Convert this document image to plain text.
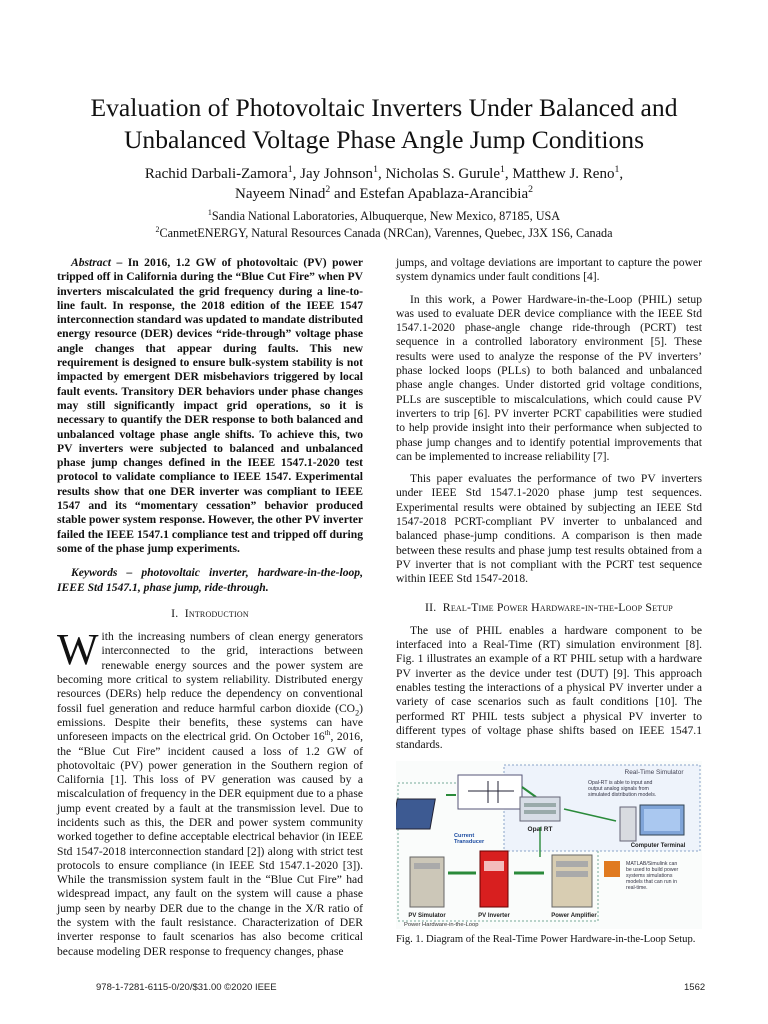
Evaluation of Photovoltaic Inverters Under Balanced and
Unbalanced Voltage Phase Angle Jump Conditions
Rachid Darbali-Zamora$^1$, Jay Johnson$^1$, Nicholas S. Gurule$^1$, Matthew J. Reno$^1$,
Nayeem Ninad$^2$ and Estefan Apablaza-Arancibia$^2$
$^1$Sandia National Laboratories, Albuquerque, New Mexico, 87185, USA
$^2$CanmetENERGY, Natural Resources Canada (NRCan), Varennes, Quebec, J3X 1S6, Canada

Abstract – In 2016, 1.2 GW of photovoltaic (PV) power tripped off in California during the “Blue Cut Fire” when PV inverters miscalculated the grid frequency during a line-to-line fault. In response, the 2018 edition of the IEEE 1547 interconnection standard was updated to mandate distributed energy resource (DER) devices “ride-through” voltage phase angle changes that appear during faults. This new requirement is designed to ensure bulk-system stability is not impacted by emergent DER misbehaviors triggered by local fault events. Transitory DER behaviors under phase changes may still significantly impact grid operations, so it is necessary to quantify the DER response to both balanced and unbalanced voltage phase angle shifts. To achieve this, two PV inverters were subjected to balanced and unbalanced phase jump changes defined in the IEEE 1547.1-2020 test protocol to validate compliance to IEEE 1547. Experimental results show that one DER inverter was compliant to IEEE 1547 and its “momentary cessation” behavior produced stable power system response. However, the other PV inverter failed the IEEE 1547.1 compliance test and tripped off during some of the phase jump experiments.

Keywords – photovoltaic inverter, hardware-in-the-loop, IEEE Std 1547.1, phase jump, ride-through.

I. Introduction

With the increasing numbers of clean energy generators interconnected to the grid, interactions between renewable energy sources and the power system are becoming more critical to system reliability. Distributed energy resources (DERs) help reduce the dependency on conventional fossil fuel generation and reduce harmful carbon dioxide $(CO_2)$ emissions. Despite their benefits, these systems can have unforeseen impacts on the electrical grid. On October 16th, 2016, the “Blue Cut Fire” incident caused a loss of 1.2 GW of photovoltaic (PV) power generation in the Southern region of California [1]. This loss of PV generation was caused by a miscalculation of frequency in the DER equipment due to a phase jump event created by a fault at the transmission level. Due to incidents such as this, the DER and power system community worked together to define acceptable electrical behavior (in IEEE Std 1547-2018 interconnection standard [2]) along with strict test protocols to ensure compliance (in IEEE Std 1547.1-2020 [3]). While the transmission system fault in the “Blue Cut Fire” had widespread impact, any fault on the system will cause a phase jump seen by nearby DER due to the change in the X/R ratio of the system with the fault resistance. Characterization of DER inverter response to fault scenarios has also become critical because modeling DER response to frequency changes, phase

jumps, and voltage deviations are important to capture the power system dynamics under fault conditions [4].

In this work, a Power Hardware-in-the-Loop (PHIL) setup was used to evaluate DER device compliance with the IEEE Std 1547.1-2020 phase-angle change ride-through (PCRT) test sequence in a controlled laboratory environment [5]. These results were used to analyze the response of the PV inverters’ phase locked loops (PLLs) to both balanced and unbalanced phase angle changes. Under distorted grid voltage conditions, PLLs are susceptible to miscalculations, which could cause PV inverters to trip [6]. PV inverter PCRT capabilities were studied to help provide insight into their performance when subjected to phase jump changes and to identify potential improvements that can be implemented to increase reliability [7].

This paper evaluates the performance of two PV inverters under IEEE Std 1547.1-2020 phase jump test sequences. Experimental results were obtained by subjecting an IEEE Std 1547-2018 PCRT-compliant PV inverter to unbalanced and balanced phase-jump conditions. A comparison is then made between these results and phase jump test results obtained from a PV inverter that is not compliant with the PCRT test sequence within IEEE Std 1547-2018.

II. Real-Time Power Hardware-in-the-Loop Setup

The use of PHIL enables a hardware component to be interfaced into a Real-Time (RT) simulation environment [8]. Fig. 1 illustrates an example of a RT PHIL setup with a hardware PV inverter as the device under test (DUT) [9]. This approach enables testing the interactions of a physical PV inverter under a variety of case scenarios such as fault conditions [10]. The performed RT PHIL tests subject a physical PV inverter to different types of voltage phase shifts based on IEEE 1547.1 standards.

Real-Time Simulator
Opal RT
Opal-RT is able to input and output analog signals from simulated distribution models.
Computer Terminal
Current Transducer
PV Simulator	PV Inverter	Power Amplifier
MATLAB/Simulink can be used to build power systems simulations models that can run in real-time.
Power Hardware-in-the-Loop
Fig. 1. Diagram of the Real-Time Power Hardware-in-the-Loop Setup.
978-1-7281-6115-0/20/$31.00 ©2020 IEEE	1562
